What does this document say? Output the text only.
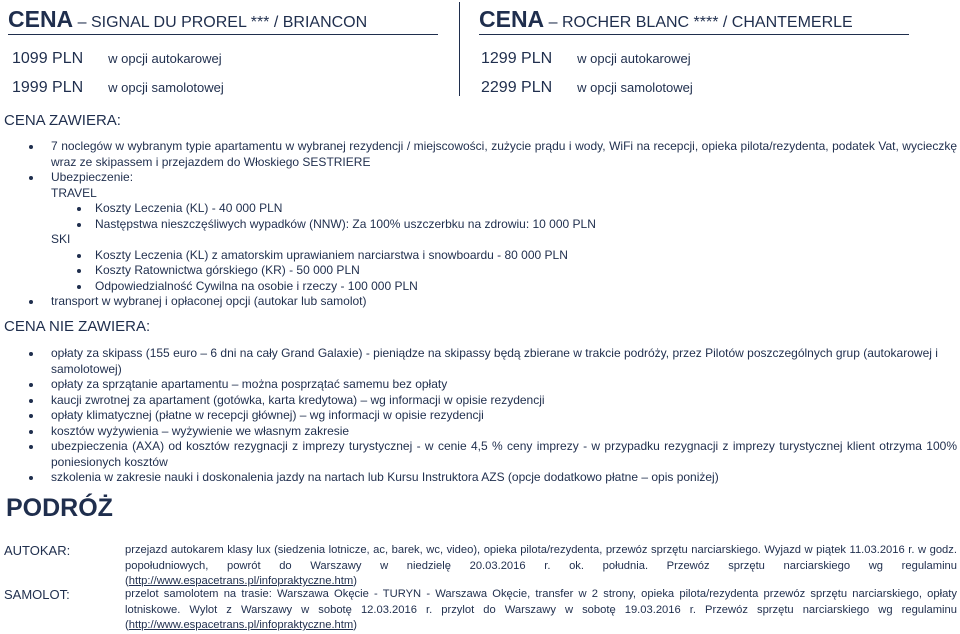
CENA – SIGNAL DU PROREL *** / BRIANCON
1099 PLN w opcji autokarowej
1999 PLN w opcji samolotowej
CENA – ROCHER BLANC **** / CHANTEMERLE
1299 PLN w opcji autokarowej
2299 PLN w opcji samolotowej
CENA ZAWIERA:
7 noclegów w wybranym typie apartamentu w wybranej rezydencji / miejscowości, zużycie prądu i wody, WiFi na recepcji, opieka pilota/rezydenta, podatek Vat, wycieczkę wraz ze skipassem i przejazdem do Włoskiego SESTRIERE
Ubezpieczenie:
TRAVEL
Koszty Leczenia (KL) - 40 000 PLN
Następstwa nieszczęśliwych wypadków (NNW): Za 100% uszczerbku na zdrowiu: 10 000 PLN
SKI
Koszty Leczenia (KL) z amatorskim uprawianiem narciarstwa i snowboardu - 80 000 PLN
Koszty Ratownictwa górskiego (KR) - 50 000 PLN
Odpowiedzialność Cywilna na osobie i rzeczy - 100 000 PLN
transport w wybranej i opłaconej opcji (autokar lub samolot)
CENA NIE ZAWIERA:
opłaty za skipass (155 euro – 6 dni na cały Grand Galaxie) - pieniądze na skipassy będą zbierane w trakcie podróży, przez Pilotów poszczególnych grup (autokarowej i samolotowej)
opłaty za sprzątanie apartamentu – można posprzątać samemu bez opłaty
kaucji zwrotnej za apartament (gotówka, karta kredytowa) – wg informacji w opisie rezydencji
opłaty klimatycznej (płatne w recepcji głównej) – wg informacji w opisie rezydencji
kosztów wyżywienia – wyżywienie we własnym zakresie
ubezpieczenia (AXA) od kosztów rezygnacji z imprezy turystycznej - w cenie 4,5 % ceny imprezy - w przypadku rezygnacji z imprezy turystycznej klient otrzyma 100% poniesionych kosztów
szkolenia w zakresie nauki i doskonalenia jazdy na nartach lub Kursu Instruktora AZS (opcje dodatkowo płatne – opis poniżej)
PODRÓŻ
AUTOKAR:	przejazd autokarem klasy lux (siedzenia lotnicze, ac, barek, wc, video), opieka pilota/rezydenta, przewóz sprzętu narciarskiego. Wyjazd w piątek 11.03.2016 r. w godz. popołudniowych, powrót do Warszawy w niedzielę 20.03.2016 r. ok. południa. Przewóz sprzętu narciarskiego wg regulaminu (http://www.espacetrans.pl/infopraktyczne.htm)
SAMOLOT:	przelot samolotem na trasie: Warszawa Okęcie - TURYN - Warszawa Okęcie, transfer w 2 strony, opieka pilota/rezydenta przewóz sprzętu narciarskiego, opłaty lotniskowe. Wylot z Warszawy w sobotę 12.03.2016 r. przylot do Warszawy w sobotę 19.03.2016 r. Przewóz sprzętu narciarskiego wg regulaminu (http://www.espacetrans.pl/infopraktyczne.htm)
